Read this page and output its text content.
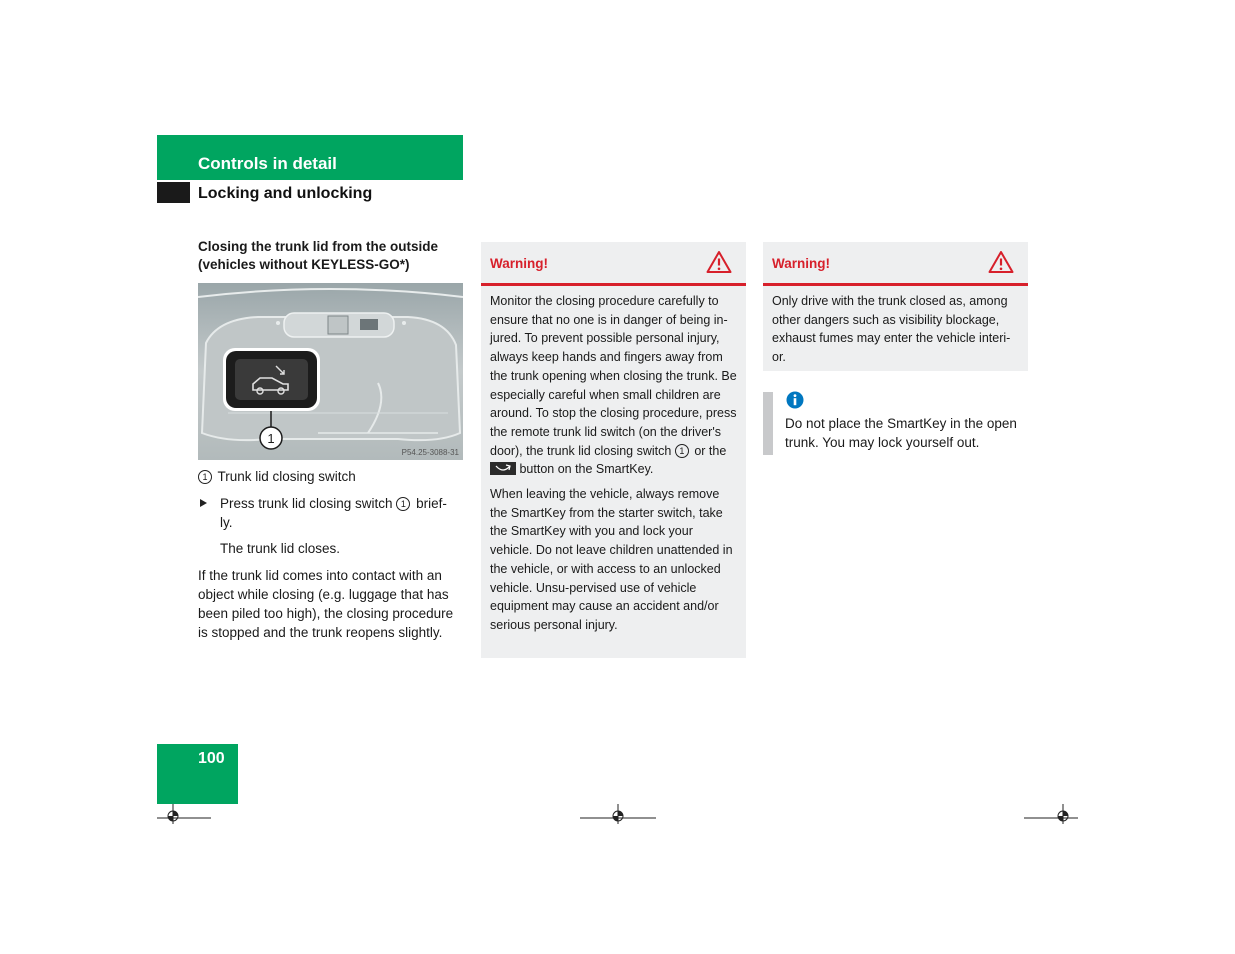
Controls in detail
Locking and unlocking

Closing the trunk lid from the outside
(vehicles without KEYLESS-GO*)

1
P54.25-3088-31

1 Trunk lid closing switch

Press trunk lid closing switch 1 brief-
ly.

The trunk lid closes.

If the trunk lid comes into contact with an object while closing (e.g. luggage that has been piled too high), the closing procedure is stopped and the trunk reopens slightly.

Warning!

Monitor the closing procedure carefully to ensure that no one is in danger of being in-jured. To prevent possible personal injury, always keep hands and fingers away from the trunk opening when closing the trunk. Be especially careful when small children are around. To stop the closing procedure, press the remote trunk lid switch (on the driver's door), the trunk lid closing switch 1 or the
button on the SmartKey.

When leaving the vehicle, always remove the SmartKey from the starter switch, take the SmartKey with you and lock your vehicle. Do not leave children unattended in the vehicle, or with access to an unlocked vehicle. Unsu-pervised use of vehicle equipment may cause an accident and/or serious personal injury.

Warning!

Only drive with the trunk closed as, among other dangers such as visibility blockage, exhaust fumes may enter the vehicle interi-or.

Do not place the SmartKey in the open trunk. You may lock yourself out.
100
